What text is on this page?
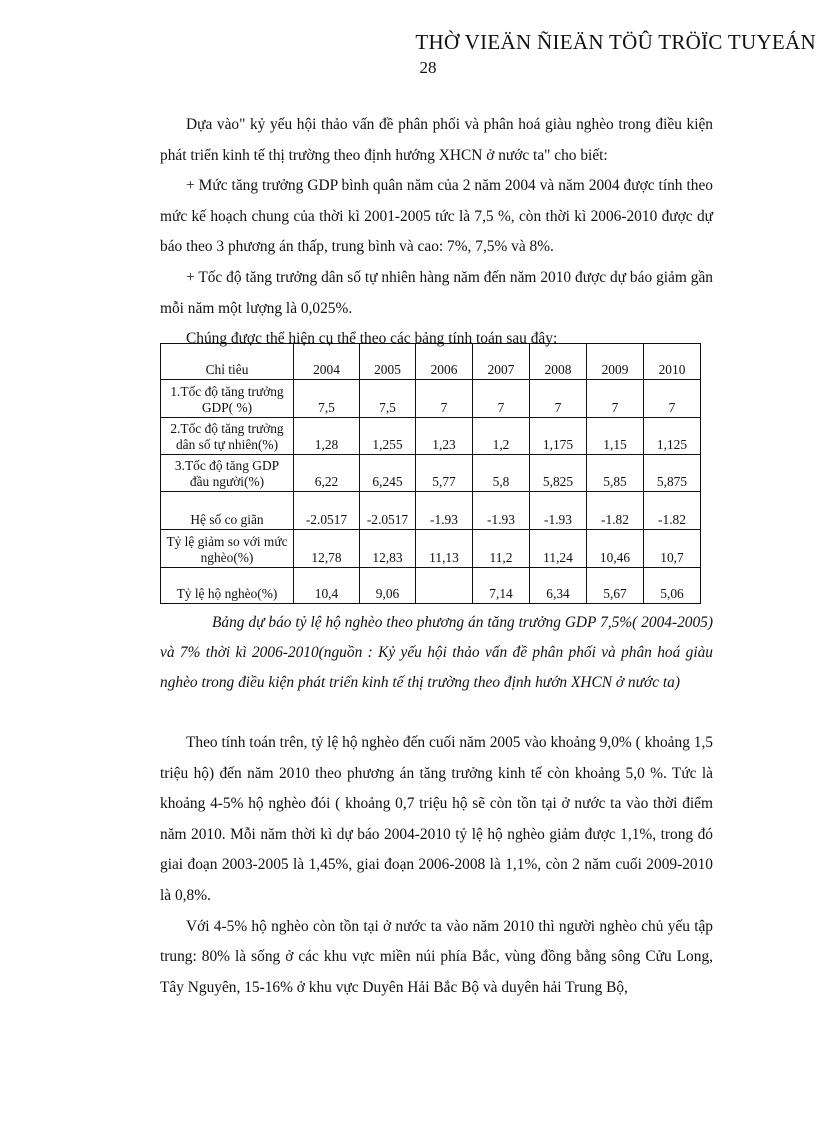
THỜ VIEÄN ÑIEÄN TÖÛ TRÖÏC TUYEÁN
28

Dựa vào" kỷ yếu hội thảo vấn đề phân phối và phân hoá giàu nghèo trong điều kiện phát triển kinh tế thị trường theo định hướng XHCN ở nước ta" cho biết:

+ Mức tăng trưởng GDP bình quân năm của 2 năm 2004 và năm 2004 được tính theo mức kế hoạch chung của thời kì 2001-2005 tức là 7,5 %, còn thời kì 2006-2010 được dự báo theo 3 phương án thấp, trung bình và cao: 7%, 7,5% và 8%.

+ Tốc độ tăng trưởng dân số tự nhiên hàng năm đến năm 2010 được dự báo giảm gần mỗi năm một lượng là 0,025%.

Chúng được thể hiện cụ thể theo các bảng tính toán sau đây:

Chỉ tiêu	2004	2005	2006	2007	2008	2009	2010
1.Tốc độ tăng trưởng GDP( %)	7,5	7,5	7	7	7	7	7
2.Tốc độ tăng trưởng dân số tự nhiên(%)	1,28	1,255	1,23	1,2	1,175	1,15	1,125
3.Tốc độ tăng GDP đầu người(%)	6,22	6,245	5,77	5,8	5,825	5,85	5,875
Hệ số co giãn	-2.0517	-2.0517	-1.93	-1.93	-1.93	-1.82	-1.82
Tỷ lệ giảm so với mức nghèo(%)	12,78	12,83	11,13	11,2	11,24	10,46	10,7
Tỷ lệ hộ nghèo(%)	10,4	9,06		7,14	6,34	5,67	5,06
Bảng dự báo tỷ lệ hộ nghèo theo phương án tăng trưởng GDP 7,5%( 2004-2005) và 7% thời kì 2006-2010(nguồn : Kỷ yếu hội thảo vấn đề phân phối và phân hoá giàu nghèo trong điều kiện phát triển kinh tế thị trường theo định hướn XHCN ở nước ta)

Theo tính toán trên, tỷ lệ hộ nghèo đến cuối năm 2005 vào khoảng 9,0% ( khoảng 1,5 triệu hộ) đến năm 2010 theo phương án tăng trưởng kinh tế còn khoảng 5,0 %. Tức là khoảng 4-5% hộ nghèo đói ( khoảng 0,7 triệu hộ sẽ còn tồn tại ở nước ta vào thời điểm năm 2010. Mỗi năm thời kì dự báo 2004-2010 tỷ lệ hộ nghèo giảm được 1,1%, trong đó giai đoạn 2003-2005 là 1,45%, giai đoạn 2006-2008 là 1,1%, còn 2 năm cuối 2009-2010 là 0,8%.

Với 4-5% hộ nghèo còn tồn tại ở nước ta vào năm 2010 thì người nghèo chủ yếu tập trung: 80% là sống ở các khu vực miền núi phía Bắc, vùng đồng bằng sông Cửu Long, Tây Nguyên, 15-16% ở khu vực Duyên Hải Bắc Bộ và duyên hải Trung Bộ,
